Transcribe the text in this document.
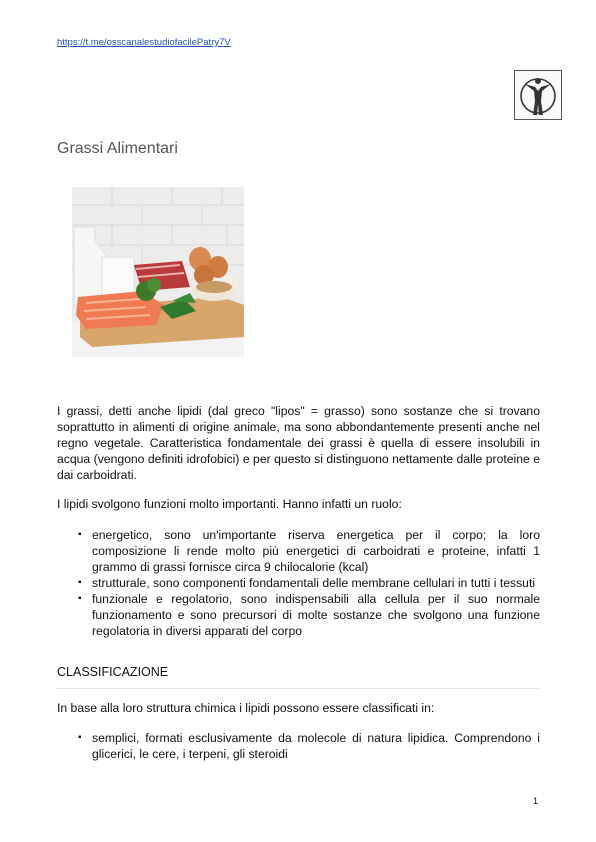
https://t.me/osscanalestudiofacilePatry7V
Grassi Alimentari

I grassi, detti anche lipidi (dal greco "lipos" = grasso) sono sostanze che si trovano soprattutto in alimenti di origine animale, ma sono abbondantemente presenti anche nel regno vegetale. Caratteristica fondamentale dei grassi è quella di essere insolubili in acqua (vengono definiti idrofobici) e per questo si distinguono nettamente dalle proteine e dai carboidrati.

I lipidi svolgono funzioni molto importanti. Hanno infatti un ruolo:

▪ energetico, sono un'importante riserva energetica per il corpo; la loro composizione li rende molto più energetici di carboidrati e proteine, infatti 1 grammo di grassi fornisce circa 9 chilocalorie (kcal)
▪ strutturale, sono componenti fondamentali delle membrane cellulari in tutti i tessuti
▪ funzionale e regolatorio, sono indispensabili alla cellula per il suo normale funzionamento e sono precursori di molte sostanze che svolgono una funzione regolatoria in diversi apparati del corpo
CLASSIFICAZIONE

In base alla loro struttura chimica i lipidi possono essere classificati in:

▪ semplici, formati esclusivamente da molecole di natura lipidica. Comprendono i glicerici, le cere, i terpeni, gli steroidi
1
